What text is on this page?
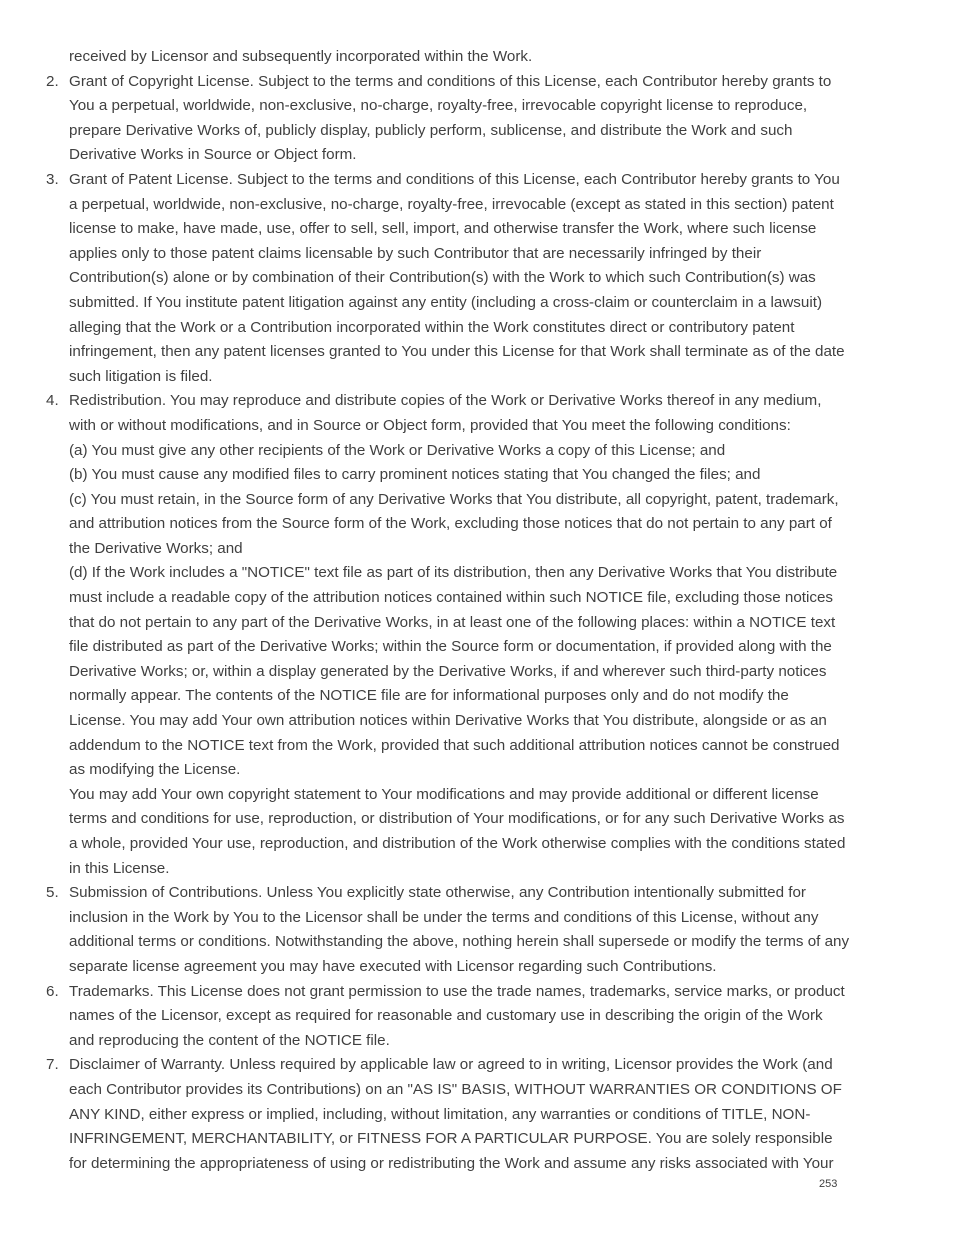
received by Licensor and subsequently incorporated within the Work.
2. Grant of Copyright License. Subject to the terms and conditions of this License, each Contributor hereby grants to
You a perpetual, worldwide, non-exclusive, no-charge, royalty-free, irrevocable copyright license to reproduce,
prepare Derivative Works of, publicly display, publicly perform, sublicense, and distribute the Work and such
Derivative Works in Source or Object form.
3. Grant of Patent License. Subject to the terms and conditions of this License, each Contributor hereby grants to You
a perpetual, worldwide, non-exclusive, no-charge, royalty-free, irrevocable (except as stated in this section) patent
license to make, have made, use, offer to sell, sell, import, and otherwise transfer the Work, where such license
applies only to those patent claims licensable by such Contributor that are necessarily infringed by their
Contribution(s) alone or by combination of their Contribution(s) with the Work to which such Contribution(s) was
submitted. If You institute patent litigation against any entity (including a cross-claim or counterclaim in a lawsuit)
alleging that the Work or a Contribution incorporated within the Work constitutes direct or contributory patent
infringement, then any patent licenses granted to You under this License for that Work shall terminate as of the date
such litigation is filed.
4. Redistribution. You may reproduce and distribute copies of the Work or Derivative Works thereof in any medium,
with or without modifications, and in Source or Object form, provided that You meet the following conditions:
(a) You must give any other recipients of the Work or Derivative Works a copy of this License; and
(b) You must cause any modified files to carry prominent notices stating that You changed the files; and
(c) You must retain, in the Source form of any Derivative Works that You distribute, all copyright, patent, trademark,
and attribution notices from the Source form of the Work, excluding those notices that do not pertain to any part of
the Derivative Works; and
(d) If the Work includes a "NOTICE" text file as part of its distribution, then any Derivative Works that You distribute
must include a readable copy of the attribution notices contained within such NOTICE file, excluding those notices
that do not pertain to any part of the Derivative Works, in at least one of the following places: within a NOTICE text
file distributed as part of the Derivative Works; within the Source form or documentation, if provided along with the
Derivative Works; or, within a display generated by the Derivative Works, if and wherever such third-party notices
normally appear. The contents of the NOTICE file are for informational purposes only and do not modify the
License. You may add Your own attribution notices within Derivative Works that You distribute, alongside or as an
addendum to the NOTICE text from the Work, provided that such additional attribution notices cannot be construed
as modifying the License.
You may add Your own copyright statement to Your modifications and may provide additional or different license
terms and conditions for use, reproduction, or distribution of Your modifications, or for any such Derivative Works as
a whole, provided Your use, reproduction, and distribution of the Work otherwise complies with the conditions stated
in this License.
5. Submission of Contributions. Unless You explicitly state otherwise, any Contribution intentionally submitted for
inclusion in the Work by You to the Licensor shall be under the terms and conditions of this License, without any
additional terms or conditions. Notwithstanding the above, nothing herein shall supersede or modify the terms of any
separate license agreement you may have executed with Licensor regarding such Contributions.
6. Trademarks. This License does not grant permission to use the trade names, trademarks, service marks, or product
names of the Licensor, except as required for reasonable and customary use in describing the origin of the Work
and reproducing the content of the NOTICE file.
7. Disclaimer of Warranty. Unless required by applicable law or agreed to in writing, Licensor provides the Work (and
each Contributor provides its Contributions) on an "AS IS" BASIS, WITHOUT WARRANTIES OR CONDITIONS OF
ANY KIND, either express or implied, including, without limitation, any warranties or conditions of TITLE, NON-
INFRINGEMENT, MERCHANTABILITY, or FITNESS FOR A PARTICULAR PURPOSE. You are solely responsible
for determining the appropriateness of using or redistributing the Work and assume any risks associated with Your
253
